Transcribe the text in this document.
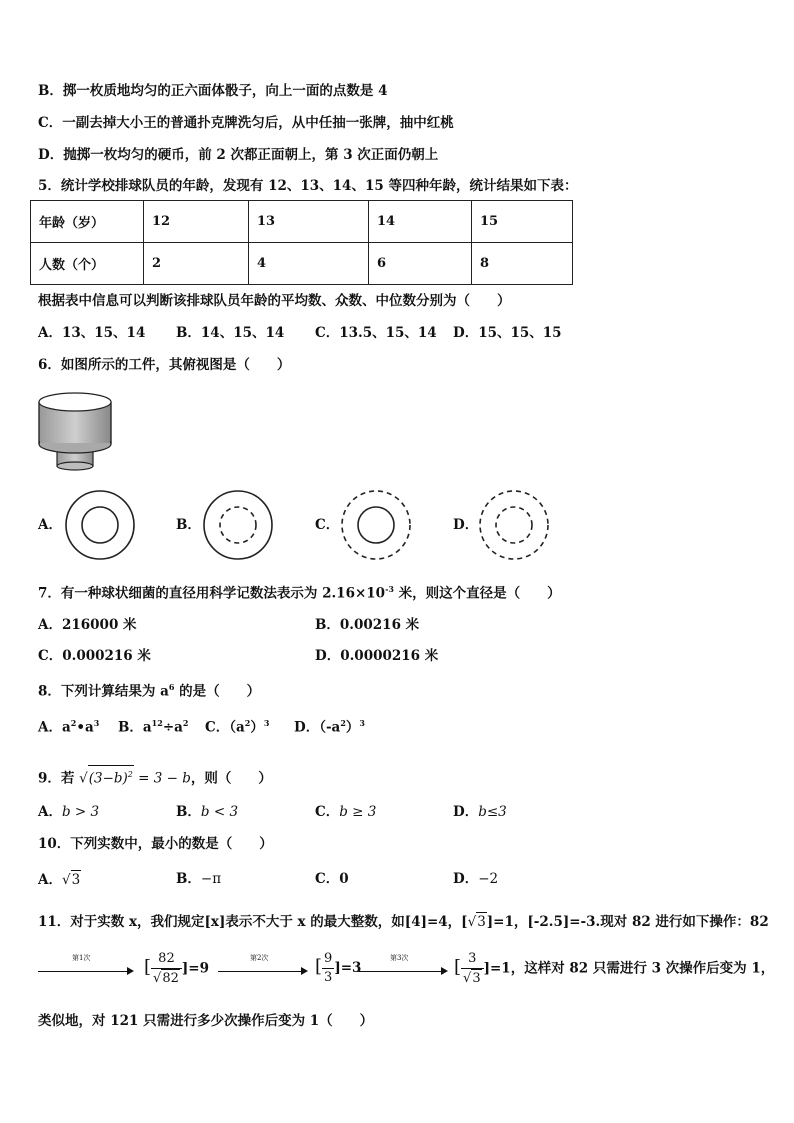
B．掷一枚质地均匀的正六面体骰子，向上一面的点数是 4
C．一副去掉大小王的普通扑克牌洗匀后，从中任抽一张牌，抽中红桃
D．抛掷一枚均匀的硬币，前 2 次都正面朝上，第 3 次正面仍朝上
5．统计学校排球队员的年龄，发现有 12、13、14、15 等四种年龄，统计结果如下表：
年龄（岁）	12	13	14	15
人数（个）	2	4	6	8
根据表中信息可以判断该排球队员年龄的平均数、众数、中位数分别为（　　）
A．13、15、14 B．14、15、14 C．13.5、15、14 D．15、15、15
6．如图所示的工件，其俯视图是（　　）
A．	B．	C．	D．
7．有一种球状细菌的直径用科学记数法表示为 $2.16\times 10^{-3}$ 米，则这个直径是（　　）
A．216000 米	B．0.00216 米
C．0.000216 米	D．0.0000216 米
8．下列计算结果为 $a^6$ 的是（　　）
A．$a^2•a^3$ B．$a^{12}\div a^2$ C．$(a^2)^3$ D．$(-a^2)^3$
9．若 $√(3-b)^2 = 3 - b$，则（　　）
A．b > 3	B．b < 3	C．b ≥ 3	D．b≤3
10．下列实数中，最小的数是（　　）
A．√3	B．−π	C．0	D．−2
11．对于实数 x，我们规定[x]表示不大于 x 的最大整数，如[4]=4，[√3]=1，[-2.5]=-3.现对 82 进行如下操作：82
第1次	[ $\frac{82}{√82} ]=9$
第2次	[ $\frac{9}{3} ]=3$
第3次	[ $\frac{3}{√3} ]=1$，这样对 82 只需进行 3 次操作后变为 1，
类似地，对 121 只需进行多少次操作后变为 1（　　）
